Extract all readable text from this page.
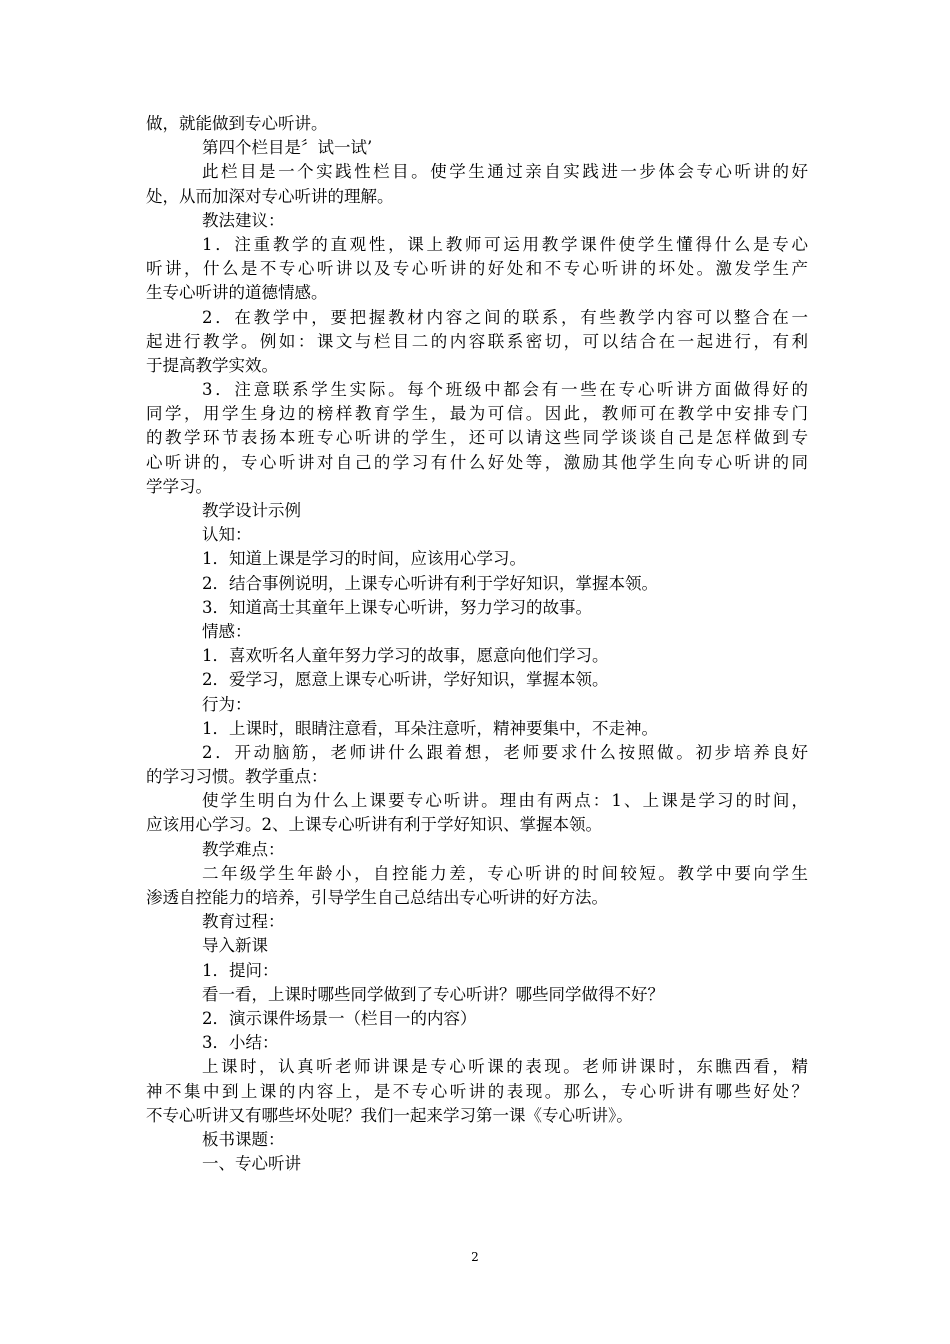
做，就能做到专心听讲。
第四个栏目是〞试一试’
此栏目是一个实践性栏目。使学生通过亲自实践进一步体会专心听讲的好
处，从而加深对专心听讲的理解。
教法建议：
1．注重教学的直观性，课上教师可运用教学课件使学生懂得什么是专心
听讲，什么是不专心听讲以及专心听讲的好处和不专心听讲的坏处。激发学生产
生专心听讲的道德情感。
2．在教学中，要把握教材内容之间的联系，有些教学内容可以整合在一
起进行教学。例如：课文与栏目二的内容联系密切，可以结合在一起进行，有利
于提高教学实效。
3．注意联系学生实际。每个班级中都会有一些在专心听讲方面做得好的
同学，用学生身边的榜样教育学生，最为可信。因此，教师可在教学中安排专门
的教学环节表扬本班专心听讲的学生，还可以请这些同学谈谈自己是怎样做到专
心听讲的，专心听讲对自己的学习有什么好处等，激励其他学生向专心听讲的同
学学习。
教学设计示例
认知：
1．知道上课是学习的时间，应该用心学习。
2．结合事例说明，上课专心听讲有利于学好知识，掌握本领。
3．知道高士其童年上课专心听讲，努力学习的故事。
情感：
1．喜欢听名人童年努力学习的故事，愿意向他们学习。
2．爱学习，愿意上课专心听讲，学好知识，掌握本领。
行为：
1．上课时，眼睛注意看，耳朵注意听，精神要集中，不走神。
2．开动脑筋，老师讲什么跟着想，老师要求什么按照做。初步培养良好
的学习习惯。教学重点：
使学生明白为什么上课要专心听讲。理由有两点：1、上课是学习的时间，
应该用心学习。2、上课专心听讲有利于学好知识、掌握本领。
教学难点：
二年级学生年龄小，自控能力差，专心听讲的时间较短。教学中要向学生
渗透自控能力的培养，引导学生自己总结出专心听讲的好方法。
教育过程：
导入新课
1．提问：
看一看，上课时哪些同学做到了专心听讲？哪些同学做得不好？
2．演示课件场景一（栏目一的内容）
3．小结：
上课时，认真听老师讲课是专心听课的表现。老师讲课时，东瞧西看，精
神不集中到上课的内容上，是不专心听讲的表现。那么，专心听讲有哪些好处？
不专心听讲又有哪些坏处呢？我们一起来学习第一课《专心听讲》。
板书课题：
一、专心听讲
2
